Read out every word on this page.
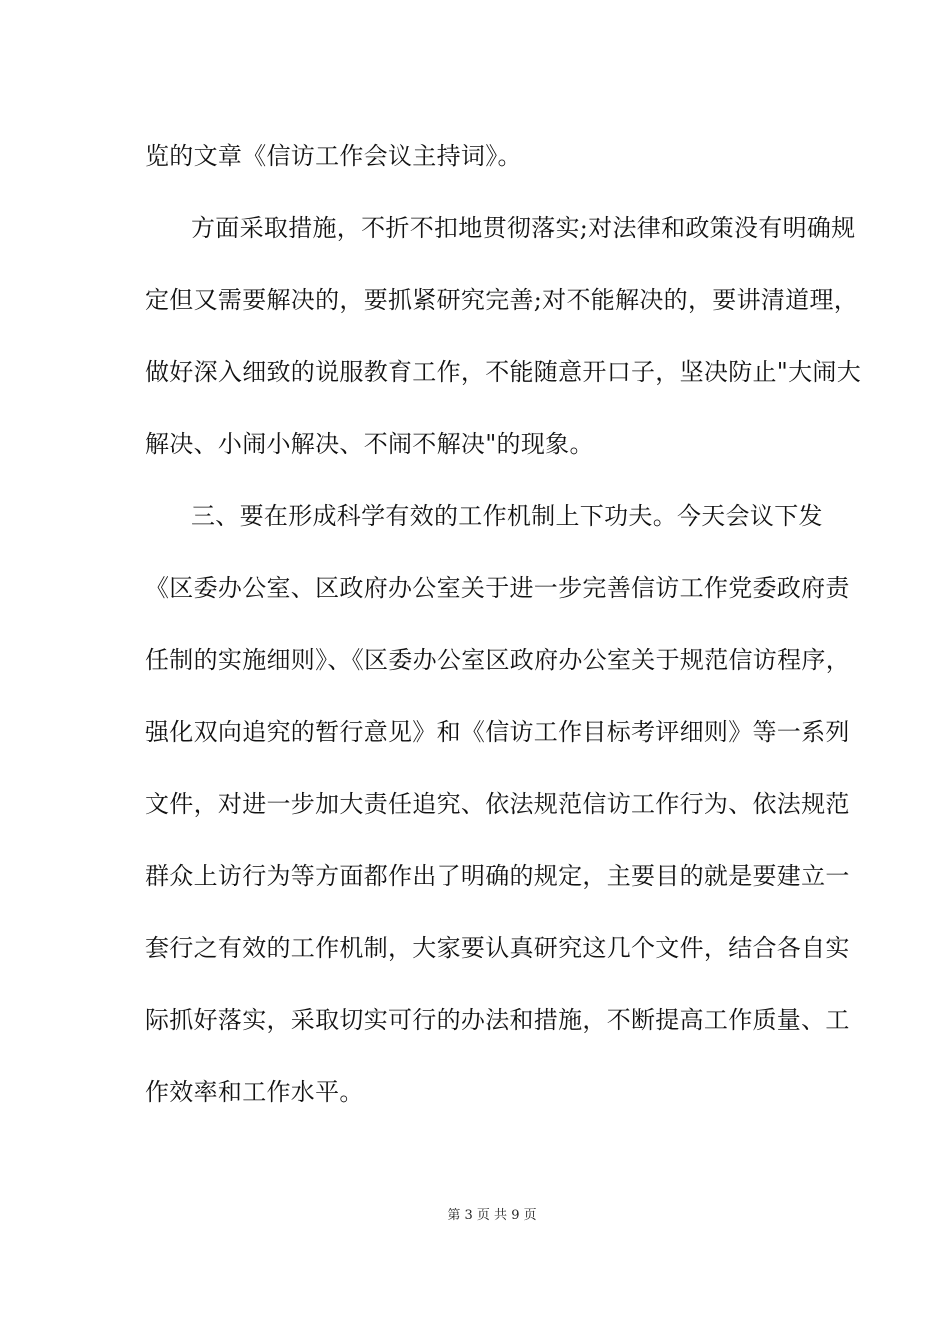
览的文章《信访工作会议主持词》。
方面采取措施，不折不扣地贯彻落实;对法律和政策没有明确规
定但又需要解决的，要抓紧研究完善;对不能解决的，要讲清道理，
做好深入细致的说服教育工作，不能随意开口子，坚决防止"大闹大
解决、小闹小解决、不闹不解决"的现象。
三、要在形成科学有效的工作机制上下功夫。今天会议下发
《区委办公室、区政府办公室关于进一步完善信访工作党委政府责
任制的实施细则》、《区委办公室区政府办公室关于规范信访程序，
强化双向追究的暂行意见》和《信访工作目标考评细则》等一系列
文件，对进一步加大责任追究、依法规范信访工作行为、依法规范
群众上访行为等方面都作出了明确的规定，主要目的就是要建立一
套行之有效的工作机制，大家要认真研究这几个文件，结合各自实
际抓好落实，采取切实可行的办法和措施，不断提高工作质量、工
作效率和工作水平。
第 3 页 共 9 页
